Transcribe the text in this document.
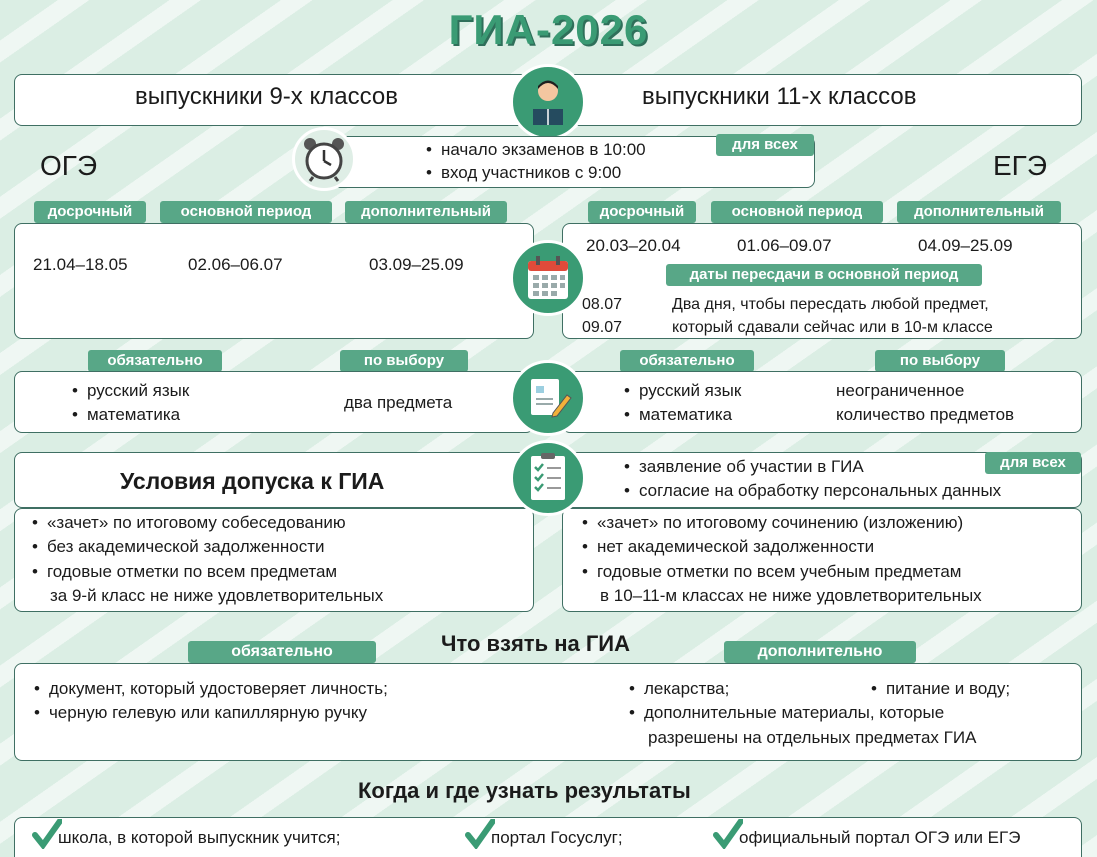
ГИА-2026
выпускники 9-х классов	выпускники 11-х классов
ОГЭ	ЕГЭ
• начало экзаменов в 10:00
• вход участников с 9:00
для всех
досрочный	основной период	дополнительный	досрочный	основной период	дополнительный
21.04–18.05	02.06–06.07	03.09–25.09
20.03–20.04	01.06–09.07	04.09–25.09
даты пересдачи в основной период
08.07
09.07
Два дня, чтобы пересдать любой предмет,
который сдавали сейчас или в 10-м классе
обязательно	по выбору	обязательно	по выбору
• русский язык
• математика
два предмета
• русский язык
• математика
неограниченное
количество предметов
Условия допуска к ГИА
• заявление об участии в ГИА
• согласие на обработку персональных данных
для всех
• «зачет» по итоговому собеседованию
• без академической задолженности
• годовые отметки по всем предметам
за 9-й класс не ниже удовлетворительных
• «зачет» по итоговому сочинению (изложению)
• нет академической задолженности
• годовые отметки по всем учебным предметам
в 10–11-м классах не ниже удовлетворительных
Что взять на ГИА
обязательно	дополнительно
• документ, который удостоверяет личность;
• черную гелевую или капиллярную ручку
• лекарства;
•	питание и воду;
• дополнительные материалы, которые
разрешены на отдельных предметах ГИА
Когда и где узнать результаты
школа, в которой выпускник учится;	портал Госуслуг;	официальный портал ОГЭ или ЕГЭ
